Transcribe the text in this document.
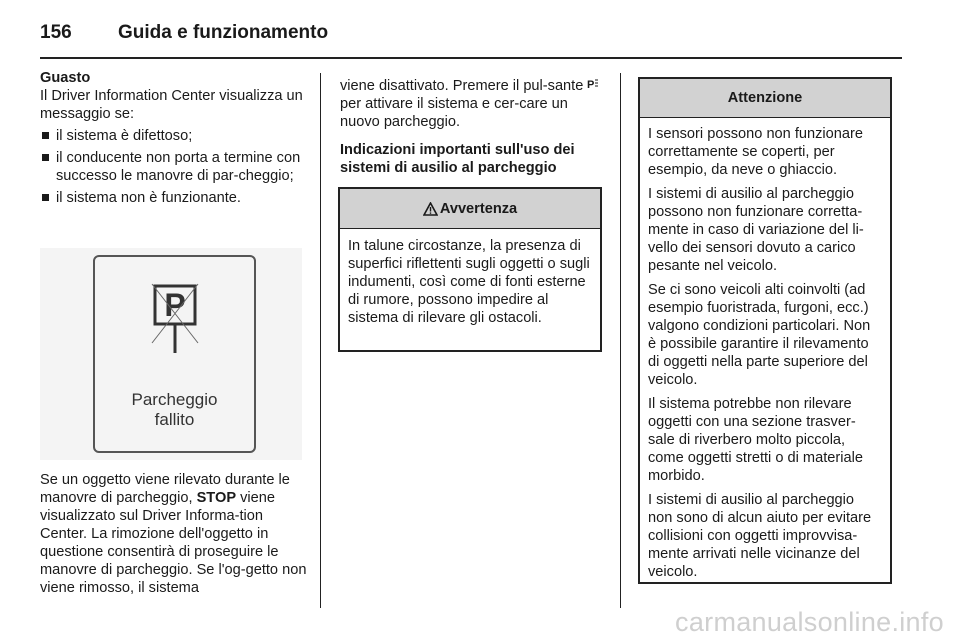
156	Guida e funzionamento

Guasto

Il Driver Information Center visualizza un messaggio se:

il sistema è difettoso;
il conducente non porta a termine con successo le manovre di par-cheggio;
il sistema non è funzionante.
P
Parcheggio
fallito

Se un oggetto viene rilevato durante le manovre di parcheggio, STOP viene visualizzato sul Driver Informa-tion Center. La rimozione dell'oggetto in questione consentirà di proseguire le manovre di parcheggio. Se l'og-getto non viene rimosso, il sistema

viene disattivato. Premere il pul-sante P
per attivare il sistema e cer-care un nuovo parcheggio.

Indicazioni importanti sull'uso dei sistemi di ausilio al parcheggio

Avvertenza

In talune circostanze, la presenza di superfici riflettenti sugli oggetti o sugli indumenti, così come di fonti esterne di rumore, possono impedire al sistema di rilevare gli ostacoli.

Attenzione

I sensori possono non funzionare correttamente se coperti, per esempio, da neve o ghiaccio.

I sistemi di ausilio al parcheggio possono non funzionare corretta-mente in caso di variazione del li-vello dei sensori dovuto a carico pesante nel veicolo.

Se ci sono veicoli alti coinvolti (ad esempio fuoristrada, furgoni, ecc.) valgono condizioni particolari. Non è possibile garantire il rilevamento di oggetti nella parte superiore del veicolo.

Il sistema potrebbe non rilevare oggetti con una sezione trasver-sale di riverbero molto piccola, come oggetti stretti o di materiale morbido.

I sistemi di ausilio al parcheggio non sono di alcun aiuto per evitare collisioni con oggetti improvvisa-mente arrivati nelle vicinanze del veicolo.

carmanualsonline.info
